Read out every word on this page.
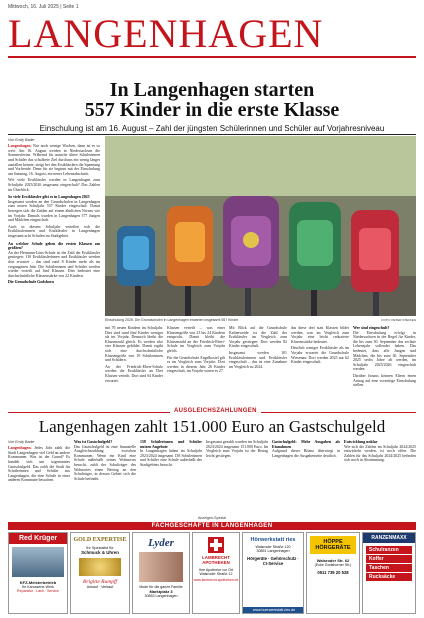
Mittwoch, 16. Juli 2025 | Seite 1
LANGENHAGEN
In Langenhagen starten
557 Kinder in die erste Klasse
Einschulung ist am 16. August – Zahl der jüngsten Schülerinnen und Schüler auf Vorjahresniveau
Von Emily Bader

Langenhagen. Nur noch wenige Wochen, dann ist es so weit: Am 16. August werden in Niedersachsen die Sommerferien. Während für manche ältere Schülerinnen und Schüler das schulfreie Ziel durchaus ein wenig länger ausfallen könnte, steigt bei den Erstklässlern die Spannung und Vorfreude. Denn für sie beginnt mit der Einschulung am Samstag, 16. August, ein neuer Lebensabschnitt.

Wie viele Erstklässler werden in Langenhagen zum Schuljahr 2025/2026 insgesamt eingeschult? Das Zahlen im Überblick.

So viele Erstklässler gibt es in Langenhagen 2025

Insgesamt werden an den Grundschulen in Langenhagen zum neuen Schuljahr 557 Kinder eingeschult. Damit bewegen sich die Zahlen auf einem ähnlichen Niveau wie im Vorjahr. Damals wurden in Langenhagen 577 Jungen und Mädchen eingeschult.

Auch in diesem Schuljahr verteilen sich die Erstklässlerinnen und Erstklässler in Langenhagen insgesamt acht Schulen im Stadtgebiet.

An welcher Schule gehen die ersten Klassen am größten?

An der Hermann-Löns-Schule ist die Zahl der Erstklässler gestiegen: 110 Erstklässlerinnen und Erstklässler werden dort erwartet – das sind rund 8 Kinder mehr als im vergangenen Jahr. Die Schülerinnen und Schüler werden wieder verteilt auf fünf Klassen. Dies bedeutet eine durchschnittliche Klassenstärke von 22 Kindern.

Die Grundschule Godshorn

Einschulung 2025: Die Grundschulen in Langenhagen erwarten insgesamt 557 Kinder.	FOTO: PETER STEFFEN

mit 76 neuen Kindern im Schuljahr. Dies sind rund fünf Kinder weniger als im Vorjahr. Dennoch bleibt die Klassenzahl gleich. Es werden also vier Klassen gebildet. Damit ergibt sich eine durchschnittliche Klassengröße von 19 Schülerinnen und Schülern.

An der Friedrich-Ebert-Schule werden die Erstklässler an Drei Klassen verteilt. Dort sind 64 Kinder erwartet.

Klassen verteilt – was einer Klassengröße von 23 bis 24 Kindern entspricht. Damit bleibt die Klassenzahl an der Friedrich-Ebert-Schule im Vergleich zum Vorjahr gleich.

Für die Grundschule Engelbostel gilt es im Vergleich zum Vorjahr: Dort werden in diesem Jahr 26 Kinder eingeschult, im Vorjahr waren es 27.

Mit Blick auf die Grundschule Kaltenweide ist die Zahl der Erstklässler im Vergleich zum Vorjahr gestiegen: Dort werden 82 Kinder eingeschult.

Insgesamt werden 101 Erstklässlerinnen und Erstklässler eingeschult – das ist eine Zunahme im Vergleich zu 2024.

das diese drei statt Klassen bildet werden, was im Vergleich zum Vorjahr eine leicht reduzierte Klassenstärke bedeutet.

Deutlich weniger Erstklässler als im Vorjahr erwartet die Grundschule Wiesenau: Dort werden 2025 nur 62 Kinder eingeschult.

Wer sind eingeschult?

Die Einschulung erfolgt in Niedersachsen in der Regel für Kinder, die bis zum 30. September das sechste Lebensjahr vollendet haben. Das bedeutet, dass alle Jungen und Mädchen, die bis zum 30. September 2025 sechs Jahre alt werden, im Schuljahr 2025/2026 eingeschult werden.

Darüber hinaus können Eltern einen Antrag auf eine vorzeitige Einschulung stellen.

AUSGLEICHSZAHLUNGEN
Langenhagen zahlt 151.000 Euro an Gastschulgeld
Von Emily Bader

Langenhagen. Jedes Jahr zahlt die Stadt Langenhagen viel Geld an andere Kommunen. Was ist der Grund? Es handelt sich um sogenanntes Gastschulgeld. Das zahlt die Stadt für Schülerinnen und Schüler aus Langenhagen, die eine Schule in einer anderen Kommune besuchen.

Was ist Gastschulgeld?

Das Gastschulgeld ist eine finanzielle Ausgleichszahlung zwischen Kommunen. Wenn ein Kind eine Schule außerhalb seines Wohnortes besucht, zahlt der Schulträger des Wohnortes einen Beitrag an den Schulträger, in dessen Gebiet sich die Schule befindet.

158 Schülerinnen und Schüler nutzen Angebote

In Langenhagen haben im Schuljahr 2023/2024 insgesamt 158 Schülerinnen und Schüler eine Schule außerhalb des Stadtgebiets besucht.

Insgesamt gezahlt wurden im Schuljahr 2023/2024 insgesamt 151.000 Euro. Im Vergleich zum Vorjahr ist der Betrag leicht gestiegen.

Gastschulgeld: Mehr Ausgaben als Einnahmen

Aufgrund dieser Bilanz überwiegt in Langenhagen die Ausgabenseite deutlich.

Entwicklung unklar

Wie sich die Zahlen im Schuljahr 2024/2025 entwickeln werden, ist noch offen. Die Zahlen für das Schuljahr 2024/2025 befinden sich noch in Abstimmung.

Anzeigen-Spezial
FACHGESCHÄFTE IN LANGENHAGEN
Red Krüger
KFZ-Meisterbetrieb
Ihr Karosserie-Werk
Reparatur · Lack · Service
GOLD EXPERTISE
Ihr Spezialist für
Schmuck & Uhren
Brigitte Rumpff
Ankauf · Verkauf
Lyder
Mode für die ganze Familie
Marktplatz 3
30853 Langenhagen
LAMBRECHT APOTHEKEN
Ihre Apotheke vor Ort
Walsroder Straße 12
www.lambrecht-apotheken.de
Hörwerkstatt ries
Walsroder Straße 120
30851 Langenhagen
Hörgeräte · Gehörschutz · CI-Service
www.hoerwerkstatt-ries.de
HÖPPE HÖRGERÄTE
Walsroder Str. 62
(Ecke Godshorner Str.)
0511 739 20 528
RANZENMAXX
Schulranzen
Koffer
Taschen
Rucksäcke
